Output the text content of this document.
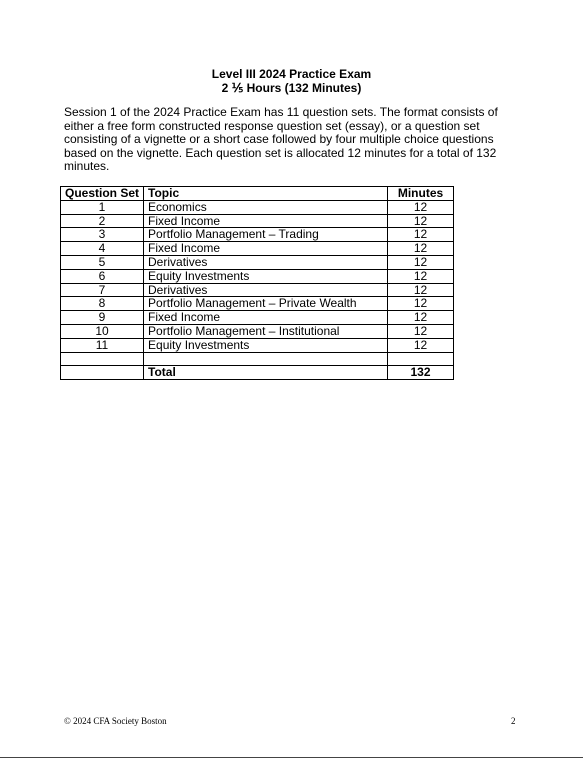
Level III 2024 Practice Exam
2 ⅕ Hours (132 Minutes)
Session 1 of the 2024 Practice Exam has 11 question sets. The format consists of either a free form constructed response question set (essay), or a question set consisting of a vignette or a short case followed by four multiple choice questions based on the vignette. Each question set is allocated 12 minutes for a total of 132 minutes.
Question Set	Topic	Minutes
1	Economics	12
2	Fixed Income	12
3	Portfolio Management – Trading	12
4	Fixed Income	12
5	Derivatives	12
6	Equity Investments	12
7	Derivatives	12
8	Portfolio Management – Private Wealth	12
9	Fixed Income	12
10	Portfolio Management – Institutional	12
11	Equity Investments	12

	Total	132
© 2024 CFA Society Boston	2
